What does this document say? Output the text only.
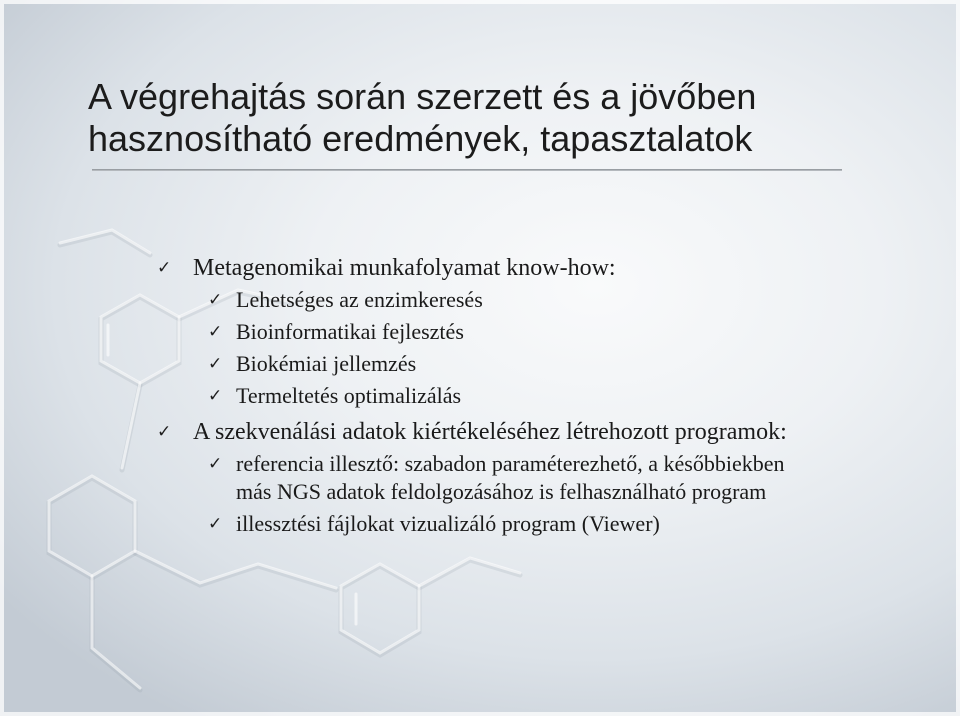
A végrehajtás során szerzett és a jövőben
hasznosítható eredmények, tapasztalatok
✓
Metagenomikai munkafolyamat know-how:
✓
Lehetséges az enzimkeresés
✓
Bioinformatikai fejlesztés
✓
Biokémiai jellemzés
✓
Termeltetés optimalizálás
✓
A szekvenálási adatok kiértékeléséhez létrehozott programok:
✓
referencia illesztő: szabadon paraméterezhető, a későbbiekben más NGS adatok feldolgozásához is felhasználható program
✓
illessztési fájlokat vizualizáló program (Viewer)
